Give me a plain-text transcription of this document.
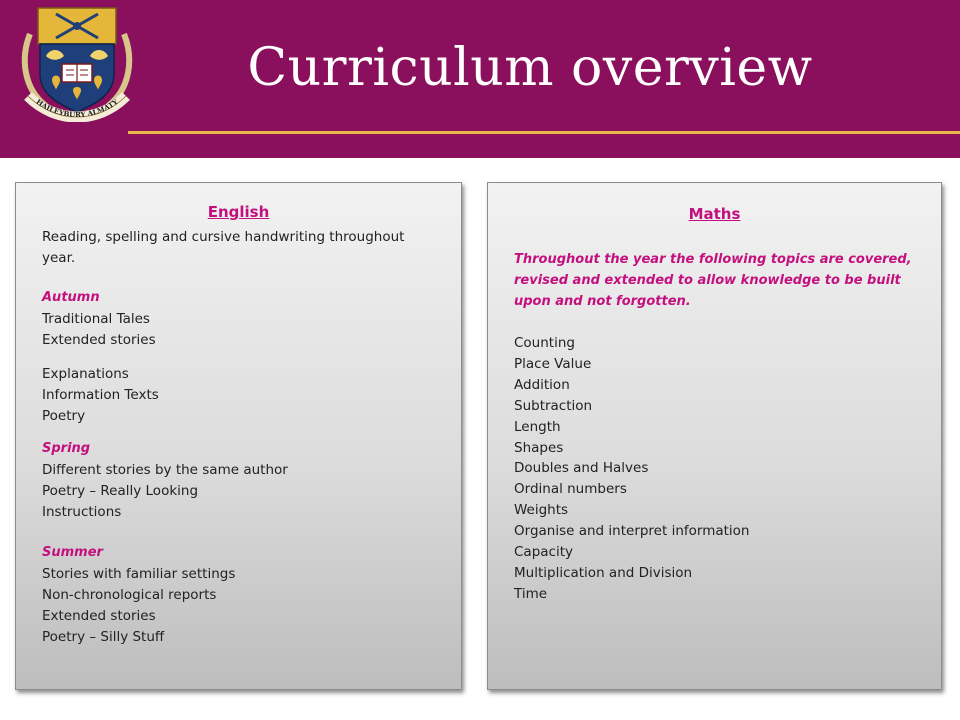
HAILEYBURY ALMATY
Curriculum overview
English
Reading, spelling and cursive handwriting throughout year.
Autumn
Traditional Tales
Extended stories
Explanations
Information Texts
Poetry
Spring
Different stories by the same author
Poetry – Really Looking
Instructions
Summer
Stories with familiar settings
Non-chronological reports
Extended stories
Poetry – Silly Stuff
Maths
Throughout the year the following topics are covered, revised and extended to allow knowledge to be built upon and not forgotten.
Counting
Place Value
Addition
Subtraction
Length
Shapes
Doubles and Halves
Ordinal numbers
Weights
Organise and interpret information
Capacity
Multiplication and Division
Time
